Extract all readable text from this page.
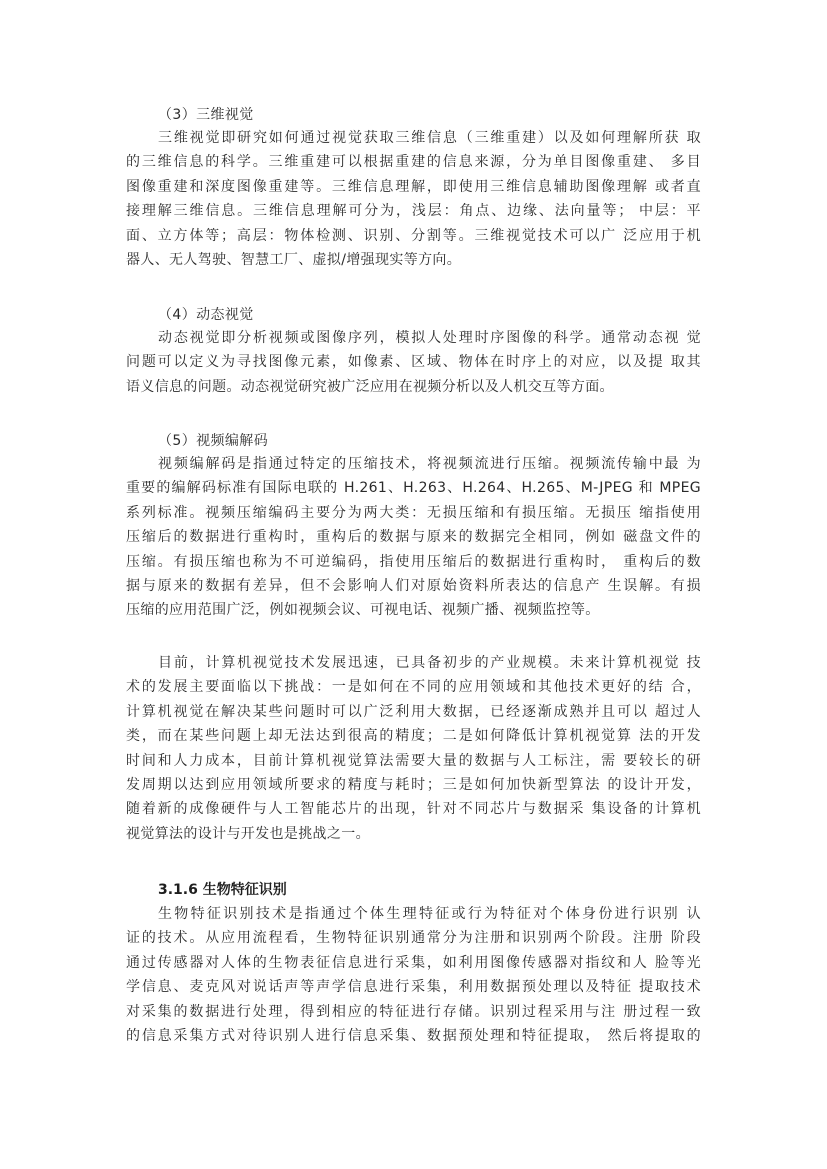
（3）三维视觉
三维视觉即研究如何通过视觉获取三维信息（三维重建）以及如何理解所获 取
的三维信息的科学。三维重建可以根据重建的信息来源，分为单目图像重建、 多目
图像重建和深度图像重建等。三维信息理解，即使用三维信息辅助图像理解 或者直
接理解三维信息。三维信息理解可分为，浅层：角点、边缘、法向量等； 中层：平
面、立方体等；高层：物体检测、识别、分割等。三维视觉技术可以广 泛应用于机
器人、无人驾驶、智慧工厂、虚拟/增强现实等方向。
（4）动态视觉
动态视觉即分析视频或图像序列，模拟人处理时序图像的科学。通常动态视 觉
问题可以定义为寻找图像元素，如像素、区域、物体在时序上的对应，以及提 取其
语义信息的问题。动态视觉研究被广泛应用在视频分析以及人机交互等方面。
（5）视频编解码
视频编解码是指通过特定的压缩技术，将视频流进行压缩。视频流传输中最 为
重要的编解码标准有国际电联的 H.261、H.263、H.264、H.265、M-JPEG 和 MPEG
系列标准。视频压缩编码主要分为两大类：无损压缩和有损压缩。无损压 缩指使用
压缩后的数据进行重构时，重构后的数据与原来的数据完全相同，例如 磁盘文件的
压缩。有损压缩也称为不可逆编码，指使用压缩后的数据进行重构时， 重构后的数
据与原来的数据有差异，但不会影响人们对原始资料所表达的信息产 生误解。有损
压缩的应用范围广泛，例如视频会议、可视电话、视频广播、视频监控等。
目前，计算机视觉技术发展迅速，已具备初步的产业规模。未来计算机视觉 技
术的发展主要面临以下挑战：一是如何在不同的应用领域和其他技术更好的结 合，
计算机视觉在解决某些问题时可以广泛利用大数据，已经逐渐成熟并且可以 超过人
类，而在某些问题上却无法达到很高的精度；二是如何降低计算机视觉算 法的开发
时间和人力成本，目前计算机视觉算法需要大量的数据与人工标注，需 要较长的研
发周期以达到应用领域所要求的精度与耗时；三是如何加快新型算法 的设计开发，
随着新的成像硬件与人工智能芯片的出现，针对不同芯片与数据采 集设备的计算机
视觉算法的设计与开发也是挑战之一。
3.1.6 生物特征识别
生物特征识别技术是指通过个体生理特征或行为特征对个体身份进行识别 认
证的技术。从应用流程看，生物特征识别通常分为注册和识别两个阶段。注册 阶段
通过传感器对人体的生物表征信息进行采集，如利用图像传感器对指纹和人 脸等光
学信息、麦克风对说话声等声学信息进行采集，利用数据预处理以及特征 提取技术
对采集的数据进行处理，得到相应的特征进行存储。识别过程采用与注 册过程一致
的信息采集方式对待识别人进行信息采集、数据预处理和特征提取， 然后将提取的
